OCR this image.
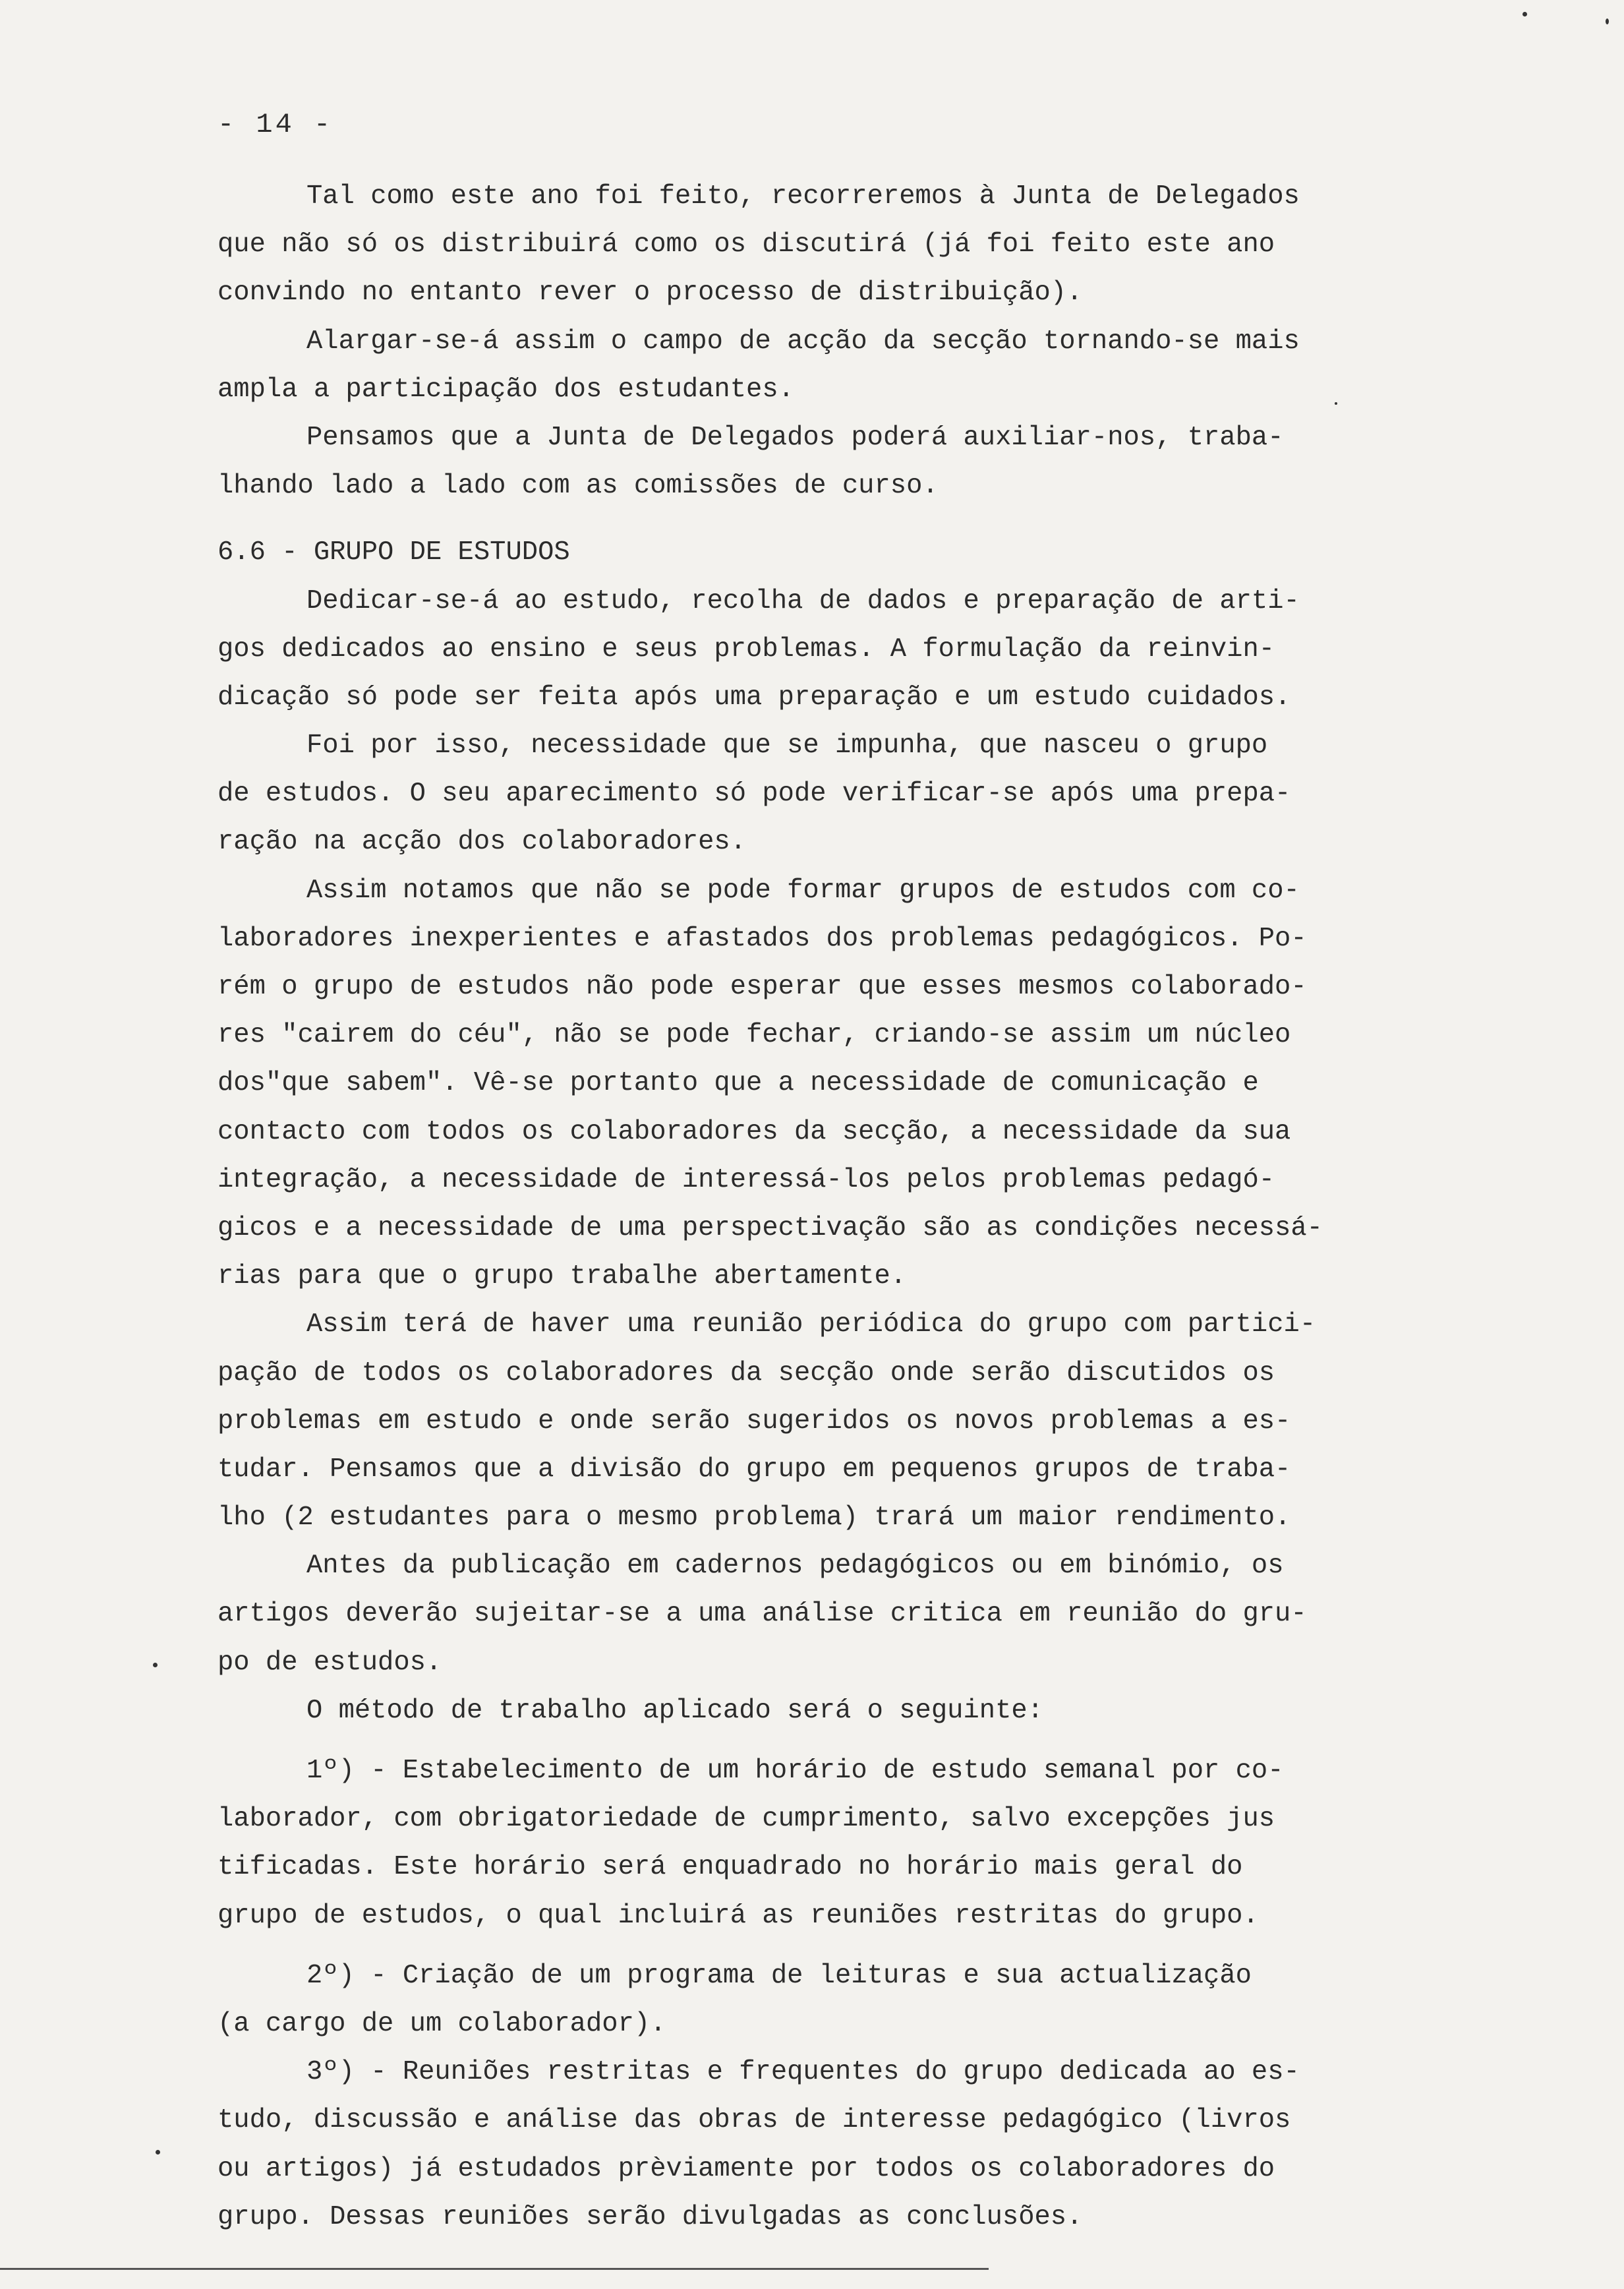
- 14 -
Tal como este ano foi feito, recorreremos à Junta de Delegados
que não só os distribuirá como os discutirá (já foi feito este ano
convindo no entanto rever o processo de distribuição).
Alargar-se-á assim o campo de acção da secção tornando-se mais
ampla a participação dos estudantes.
Pensamos que a Junta de Delegados poderá auxiliar-nos, traba-
lhando lado a lado com as comissões de curso.
6.6 - GRUPO DE ESTUDOS
Dedicar-se-á ao estudo, recolha de dados e preparação de arti-
gos dedicados ao ensino e seus problemas. A formulação da reinvin-
dicação só pode ser feita após uma preparação e um estudo cuidados.
Foi por isso, necessidade que se impunha, que nasceu o grupo
de estudos. O seu aparecimento só pode verificar-se após uma prepa-
ração na acção dos colaboradores.
Assim notamos que não se pode formar grupos de estudos com co-
laboradores inexperientes e afastados dos problemas pedagógicos. Po-
rém o grupo de estudos não pode esperar que esses mesmos colaborado-
res "cairem do céu", não se pode fechar, criando-se assim um núcleo
dos"que sabem". Vê-se portanto que a necessidade de comunicação e
contacto com todos os colaboradores da secção, a necessidade da sua
integração, a necessidade de interessá-los pelos problemas pedagó-
gicos e a necessidade de uma perspectivação são as condições necessá-
rias para que o grupo trabalhe abertamente.
Assim terá de haver uma reunião periódica do grupo com partici-
pação de todos os colaboradores da secção onde serão discutidos os
problemas em estudo e onde serão sugeridos os novos problemas a es-
tudar. Pensamos que a divisão do grupo em pequenos grupos de traba-
lho (2 estudantes para o mesmo problema) trará um maior rendimento.
Antes da publicação em cadernos pedagógicos ou em binómio, os
artigos deverão sujeitar-se a uma análise critica em reunião do gru-
po de estudos.
O método de trabalho aplicado será o seguinte:
1º) - Estabelecimento de um horário de estudo semanal por co-
laborador, com obrigatoriedade de cumprimento, salvo excepções jus
tificadas. Este horário será enquadrado no horário mais geral do
grupo de estudos, o qual incluirá as reuniões restritas do grupo.
2º) - Criação de um programa de leituras e sua actualização
(a cargo de um colaborador).
3º) - Reuniões restritas e frequentes do grupo dedicada ao es-
tudo, discussão e análise das obras de interesse pedagógico (livros
ou artigos) já estudados prèviamente por todos os colaboradores do
grupo. Dessas reuniões serão divulgadas as conclusões.
